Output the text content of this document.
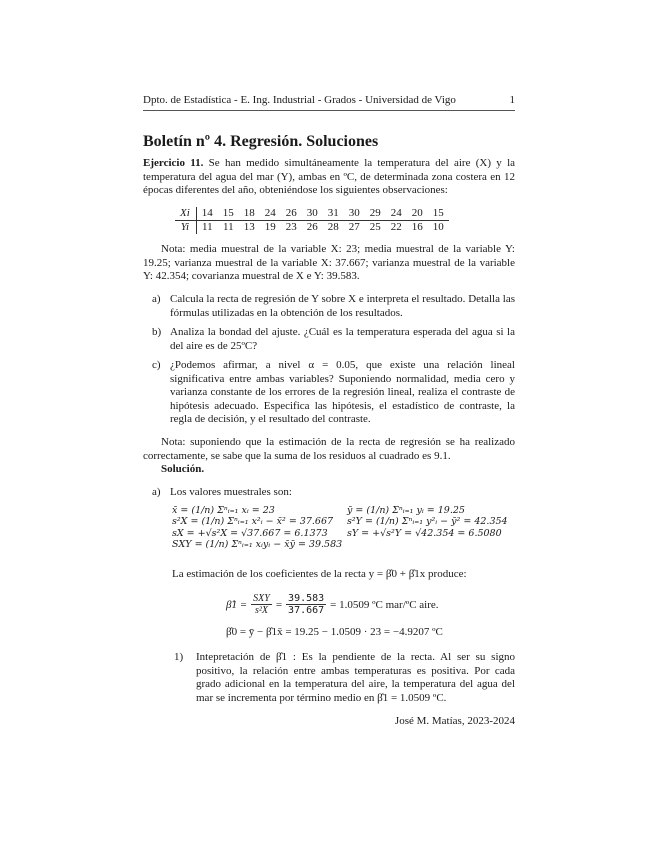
Dpto. de Estadística - E. Ing. Industrial - Grados - Universidad de Vigo	1
Boletín nº 4. Regresión. Soluciones
Ejercicio 11. Se han medido simultáneamente la temperatura del aire (X) y la temperatura del agua del mar (Y), ambas en ºC, de determinada zona costera en 12 épocas diferentes del año, obteniéndose los siguientes observaciones:
Xi	14	15	18	24	26	30	31	30	29	24	20	15
Yi	11	11	13	19	23	26	28	27	25	22	16	10
Nota: media muestral de la variable X: 23; media muestral de la variable Y: 19.25; varianza muestral de la variable X: 37.667; varianza muestral de la variable Y: 42.354; covarianza muestral de X e Y: 39.583.
a) Calcula la recta de regresión de Y sobre X e interpreta el resultado. Detalla las fórmulas utilizadas en la obtención de los resultados.
b) Analiza la bondad del ajuste. ¿Cuál es la temperatura esperada del agua si la del aire es de 25ºC?
c) ¿Podemos afirmar, a nivel α = 0.05, que existe una relación lineal significativa entre ambas variables? Suponiendo normalidad, media cero y varianza constante de los errores de la regresión lineal, realiza el contraste de hipótesis adecuado. Especifica las hipótesis, el estadístico de contraste, la regla de decisión, y el resultado del contraste.
Nota: suponiendo que la estimación de la recta de regresión se ha realizado correctamente, se sabe que la suma de los residuos al cuadrado es 9.1.
Solución.
a) Los valores muestrales son:
x̄ = (1/n) Σⁿᵢ₌₁ xᵢ = 23
s²X = (1/n) Σⁿᵢ₌₁ x²ᵢ − x̄² = 37.667
sX = +√s²X = √37.667 = 6.1373
SXY = (1/n) Σⁿᵢ₌₁ xᵢyᵢ − x̄ȳ = 39.583
ȳ = (1/n) Σⁿᵢ₌₁ yᵢ = 19.25
s²Y = (1/n) Σⁿᵢ₌₁ y²ᵢ − ȳ² = 42.354
sY = +√s²Y = √42.354 = 6.5080
La estimación de los coeficientes de la recta y = β̂0 + β̂1x produce:
β̂1 = SXY
$s^2X = \frac{39.583}{37.667} = 1.0509$ ºC mar/ºC aire.
β̂0 = ȳ − β̂1x̄ = 19.25 − 1.0509 · 23 = −4.9207 ºC
1)	Intepretación de β̂1 : Es la pendiente de la recta. Al ser su signo positivo, la relación entre ambas temperaturas es positiva. Por cada grado adicional en la temperatura del aire, la temperatura del agua del mar se incrementa por término medio en β̂1 = 1.0509 ºC.
José M. Matías, 2023-2024
